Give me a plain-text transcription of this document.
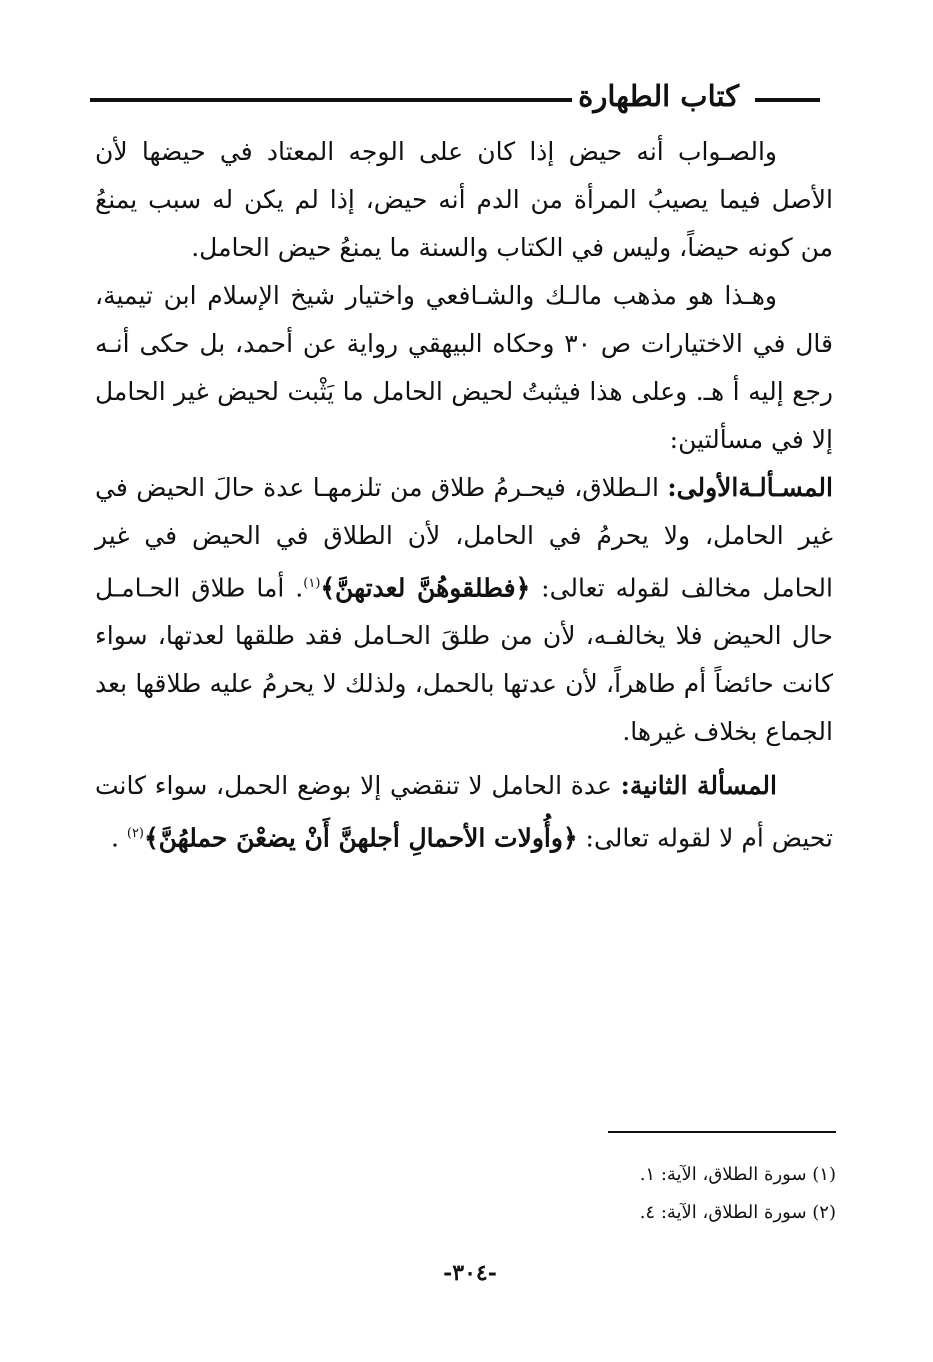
كتاب الطهارة

والصـواب أنه حيض إذا كان على الوجه المعتاد في حيضها لأن الأصل فيما يصيبُ المرأة من الدم أنه حيض، إذا لم يكن له سبب يمنعُ من كونه حيضاً، وليس في الكتاب والسنة ما يمنعُ حيض الحامل.

وهـذا هو مذهب مالـك والشـافعي واختيار شيخ الإسلام ابن تيمية، قال في الاختيارات ص ٣٠ وحكاه البيهقي رواية عن أحمد، بل حكى أنـه رجع إليه أ هـ. وعلى هذا فيثبتُ لحيض الحامل ما يَثْبت لحيض غير الحامل إلا في مسألتين:

المسـألـةالأولى: الـطلاق، فيحـرمُ طلاق من تلزمهـا عدة حالَ الحيض في غير الحامل، ولا يحرمُ في الحامل، لأن الطلاق في الحيض في غير الحامل مخالف لقوله تعالى: ﴿فطلقوهُنَّ لعدتهنَّ﴾$^{(١)}$. أما طلاق الحـامـل حال الحيض فلا يخالفـه، لأن من طلقَ الحـامل فقد طلقها لعدتها، سواء كانت حائضاً أم طاهراً، لأن عدتها بالحمل، ولذلك لا يحرمُ عليه طلاقها بعد الجماع بخلاف غيرها.

المسألة الثانية: عدة الحامل لا تنقضي إلا بوضع الحمل، سواء كانت تحيض أم لا لقوله تعالى: ﴿وأُولات الأحمالِ أجلهنَّ أَنْ يضعْنَ حملهُنَّ﴾$^{(٢)}$ .

(١) سورة الطلاق، الآية: ١.

(٢) سورة الطلاق، الآية: ٤.

-٣٠٤-
